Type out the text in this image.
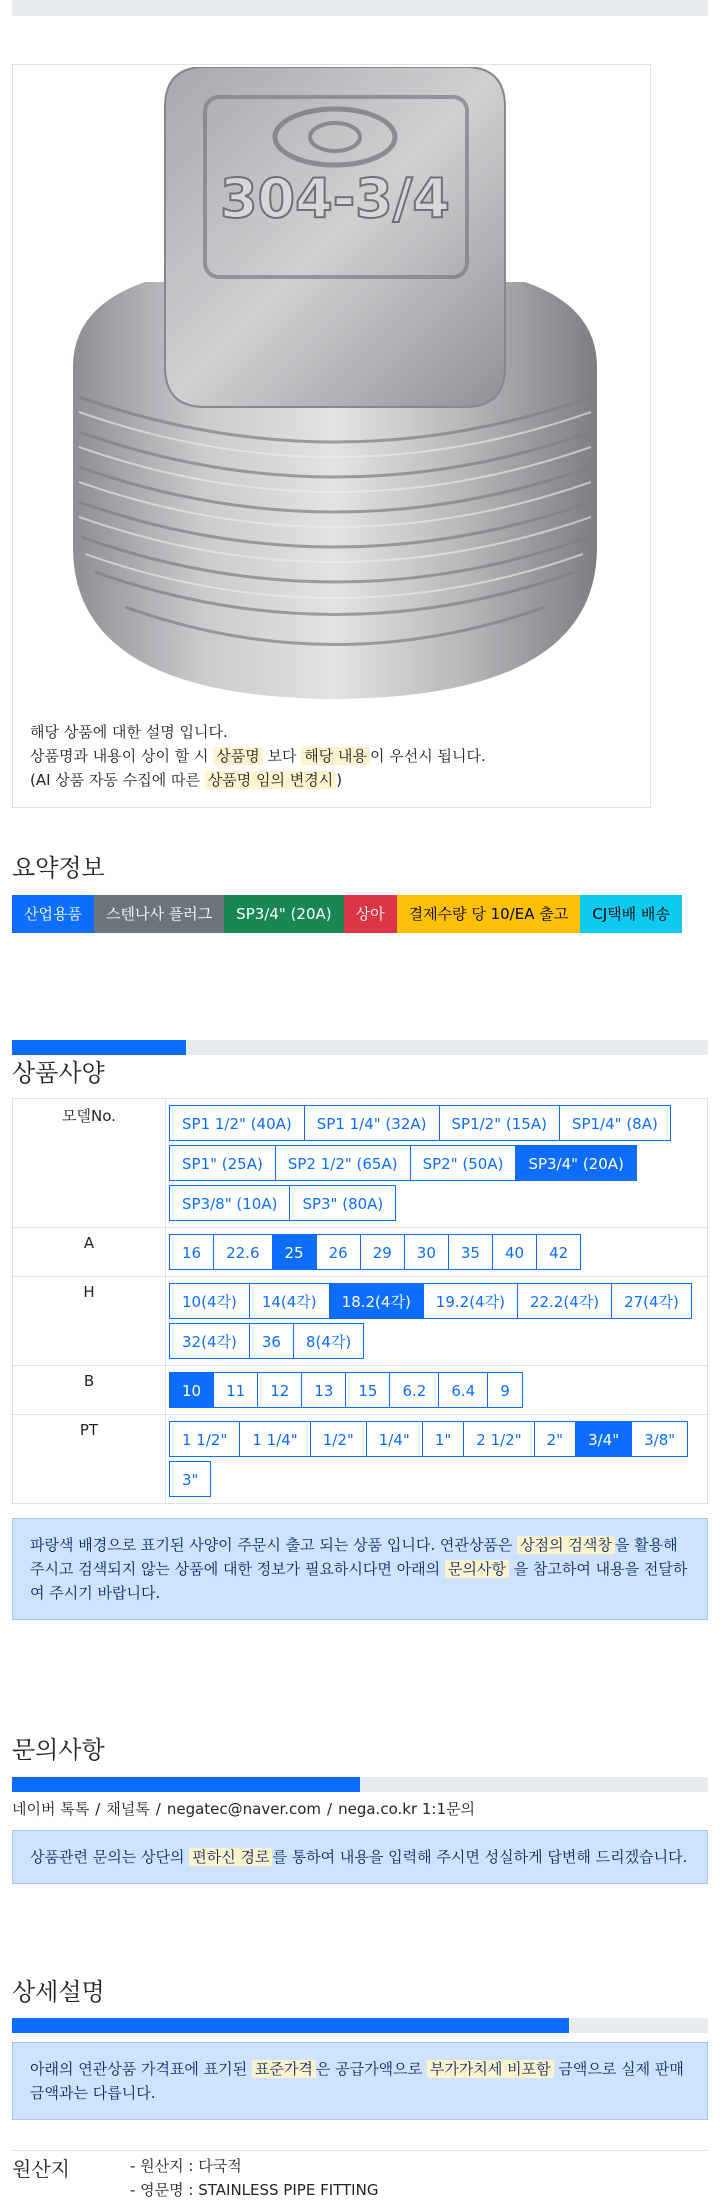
304-3/4
해당 상품에 대한 설명 입니다.
상품명과 내용이 상이 할 시 상품명 보다 해당 내용 이 우선시 됩니다.
(AI 상품 자동 수집에 따른 상품명 임의 변경시 )
요약정보
산업용품	스텐나사 플러그	SP3/4" (20A)	상아	결제수량 당 10/EA 출고	CJ택배 배송
상품사양
모델No.	SP1 1/2" (40A) SP1 1/4" (32A) SP1/2" (15A) SP1/4" (8A)SP1" (25A) SP2 1/2" (65A) SP2" (50A) SP3/4" (20A)SP3/8" (10A) SP3" (80A)
A	16 22.6 25 26 29 30 35 40 42
H	10(4각) 14(4각) 18.2(4각) 19.2(4각) 22.2(4각) 27(4각)32(4각) 36 8(4각)
B	10 11 12 13 15 6.2 6.4 9
PT	1 1/2" 1 1/4" 1/2" 1/4" 1" 2 1/2" 2" 3/4" 3/8"3"
파랑색 배경으로 표기된 사양이 주문시 출고 되는 상품 입니다. 연관상품은 상점의 검색창 을 활용해 주시고 검색되지 않는 상품에 대한 정보가 필요하시다면 아래의 문의사항 을 참고하여 내용을 전달하여 주시기 바랍니다.
문의사항
네이버 톡톡 / 채널톡 / negatec@naver.com / nega.co.kr 1:1문의
상품관련 문의는 상단의 편하신 경로 를 통하여 내용을 입력해 주시면 성실하게 답변해 드리겠습니다.
상세설명
아래의 연관상품 가격표에 표기된 표준가격 은 공급가액으로 부가가치세 비포함 금액으로 실제 판매금액과는 다릅니다.
원산지	- 원산지 : 다국적
- 영문명 : STAINLESS PIPE FITTING
